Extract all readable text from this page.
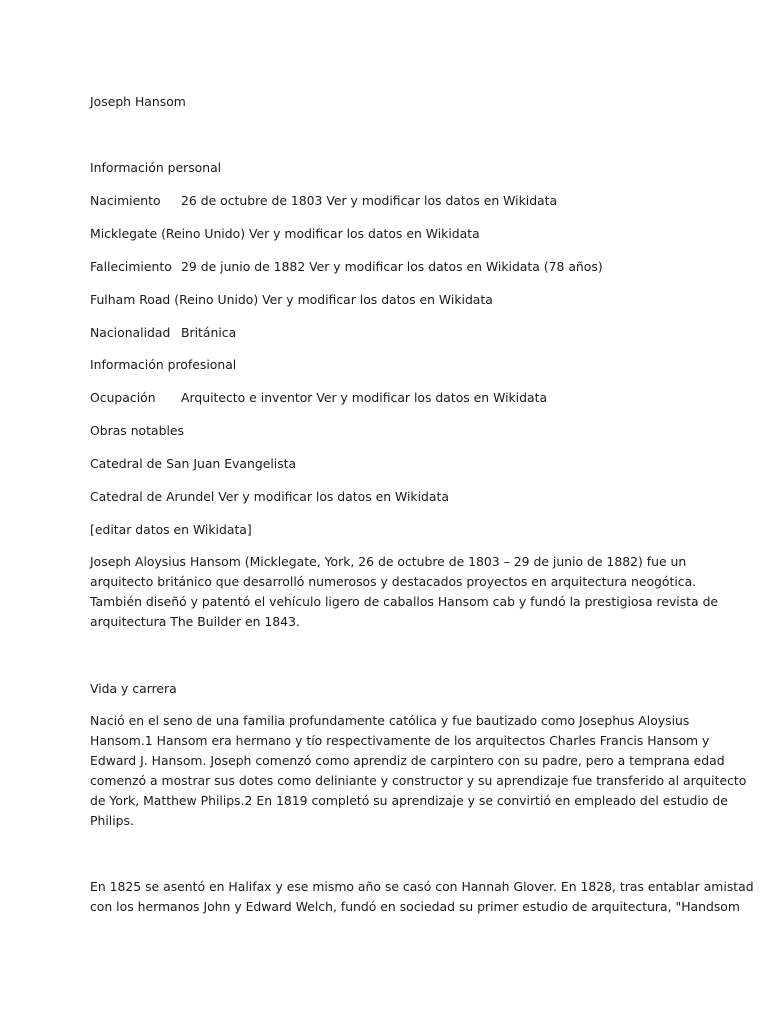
Joseph Hansom
Información personal
Nacimiento 26 de octubre de 1803 Ver y modificar los datos en Wikidata
Micklegate (Reino Unido) Ver y modificar los datos en Wikidata
Fallecimiento 29 de junio de 1882 Ver y modificar los datos en Wikidata (78 años)
Fulham Road (Reino Unido) Ver y modificar los datos en Wikidata
Nacionalidad Británica
Información profesional
Ocupación Arquitecto e inventor Ver y modificar los datos en Wikidata
Obras notables
Catedral de San Juan Evangelista
Catedral de Arundel Ver y modificar los datos en Wikidata
[editar datos en Wikidata]
Joseph Aloysius Hansom (Micklegate, York, 26 de octubre de 1803 – 29 de junio de 1882) fue un
arquitecto británico que desarrolló numerosos y destacados proyectos en arquitectura neogótica.
También diseñó y patentó el vehículo ligero de caballos Hansom cab y fundó la prestigiosa revista de
arquitectura The Builder en 1843.
Vida y carrera
Nació en el seno de una familia profundamente católica y fue bautizado como Josephus Aloysius
Hansom.1 Hansom era hermano y tío respectivamente de los arquitectos Charles Francis Hansom y
Edward J. Hansom. Joseph comenzó como aprendiz de carpintero con su padre, pero a temprana edad
comenzó a mostrar sus dotes como deliniante y constructor y su aprendizaje fue transferido al arquitecto
de York, Matthew Philips.2 En 1819 completó su aprendizaje y se convirtió en empleado del estudio de
Philips.
En 1825 se asentó en Halifax y ese mismo año se casó con Hannah Glover. En 1828, tras entablar amistad
con los hermanos John y Edward Welch, fundó en sociedad su primer estudio de arquitectura, "Handsom
